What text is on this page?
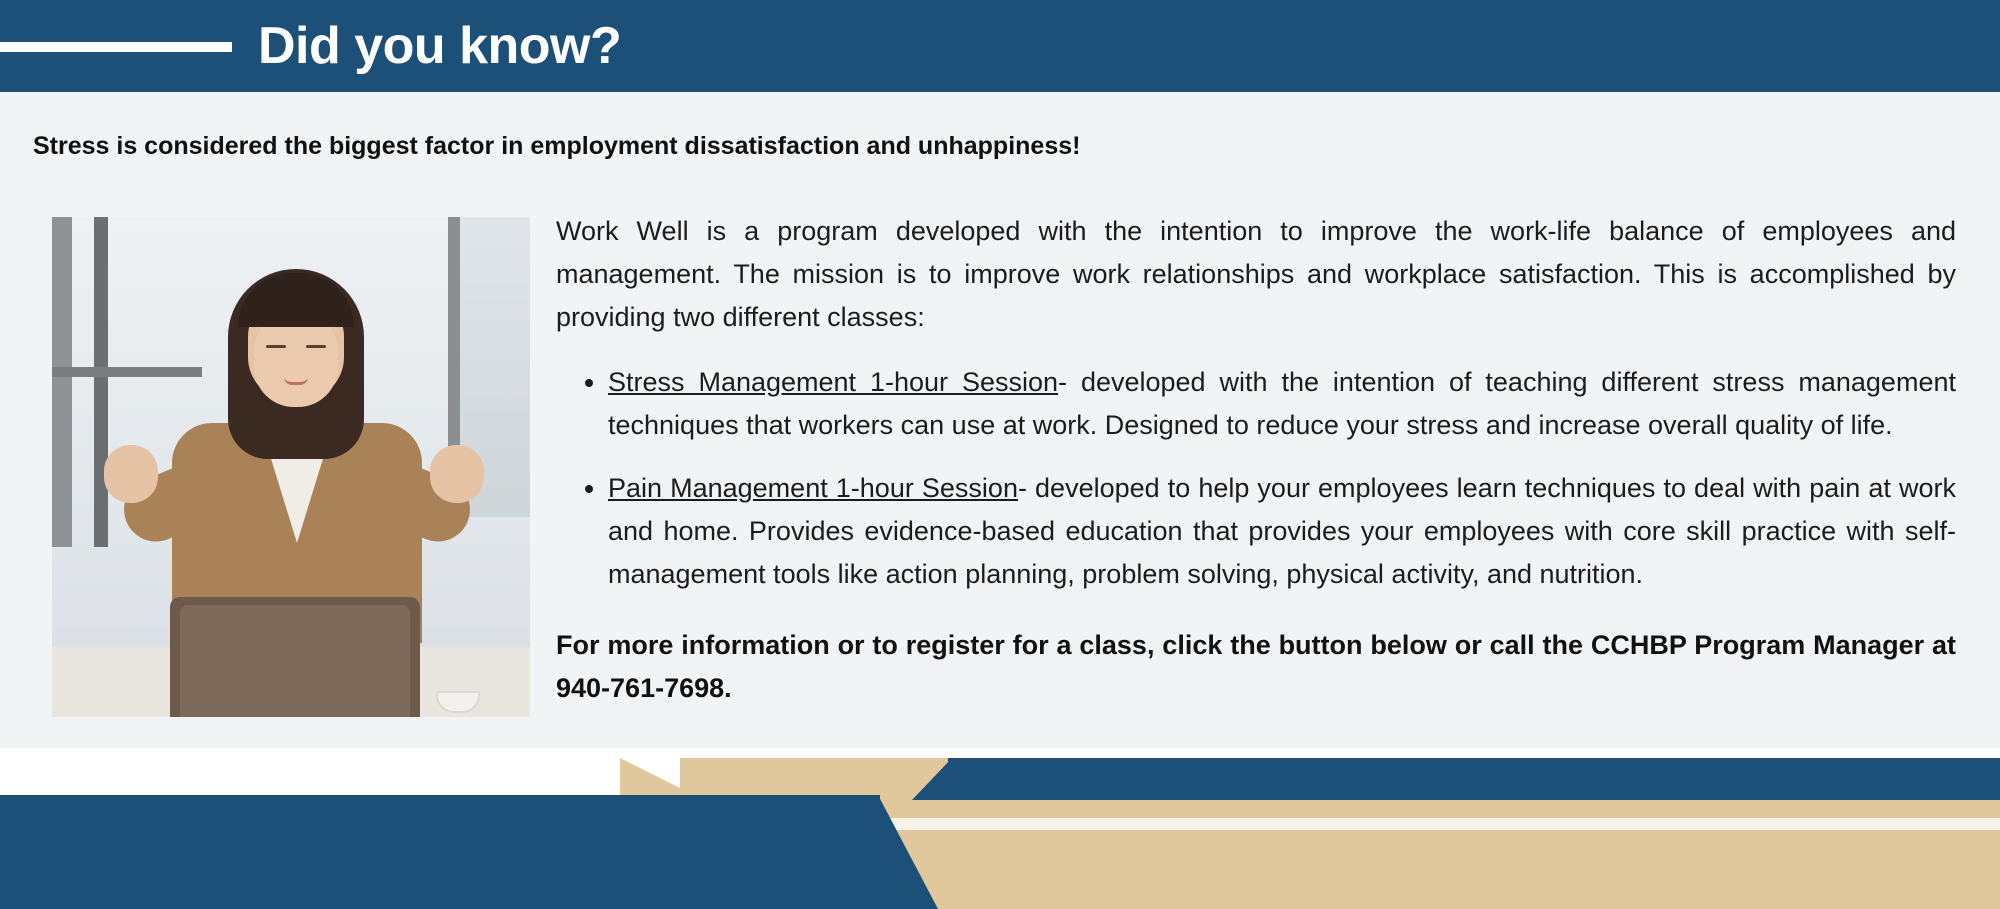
Did you know?
Stress is considered the biggest factor in employment dissatisfaction and unhappiness!

Work Well is a program developed with the intention to improve the work-life balance of employees and management. The mission is to improve work relationships and workplace satisfaction. This is accomplished by providing two different classes:

• Stress Management 1-hour Session- developed with the intention of teaching different stress management techniques that workers can use at work. Designed to reduce your stress and increase overall quality of life.
• Pain Management 1-hour Session- developed to help your employees learn techniques to deal with pain at work and home. Provides evidence-based education that provides your employees with core skill practice with self-management tools like action planning, problem solving, physical activity, and nutrition.

For more information or to register for a class, click the button below or call the CCHBP Program Manager at 940-761-7698.
